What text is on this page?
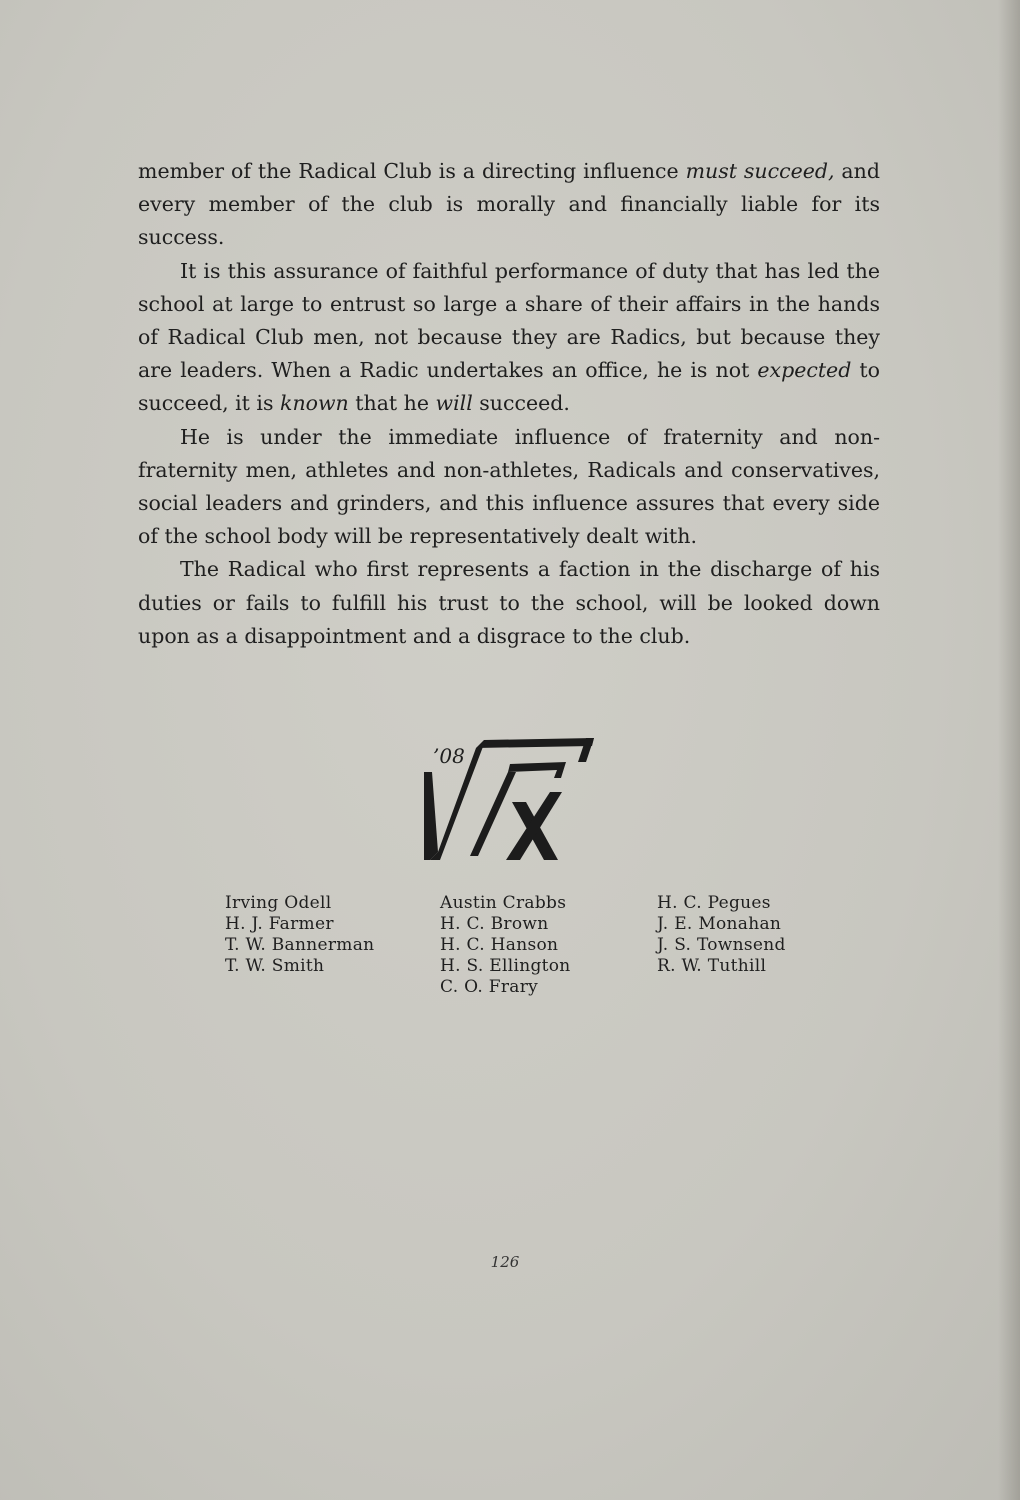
member of the Radical Club is a directing influence must succeed, and every member of the club is morally and financially liable for its success.

It is this assurance of faithful performance of duty that has led the school at large to entrust so large a share of their affairs in the hands of Radical Club men, not because they are Radics, but because they are leaders. When a Radic undertakes an office, he is not expected to succeed, it is known that he will succeed.

He is under the immediate influence of fraternity and non-fraternity men, athletes and non-athletes, Radicals and conservatives, social leaders and grinders, and this influence assures that every side of the school body will be representatively dealt with.

The Radical who first represents a faction in the discharge of his duties or fails to fulfill his trust to the school, will be looked down upon as a disappointment and a disgrace to the club.

’08
Irving Odell
H. J. Farmer
T. W. Bannerman
T. W. Smith
Austin Crabbs
H. C. Brown
H. C. Hanson
H. S. Ellington
C. O. Frary
H. C. Pegues
J. E. Monahan
J. S. Townsend
R. W. Tuthill
126
